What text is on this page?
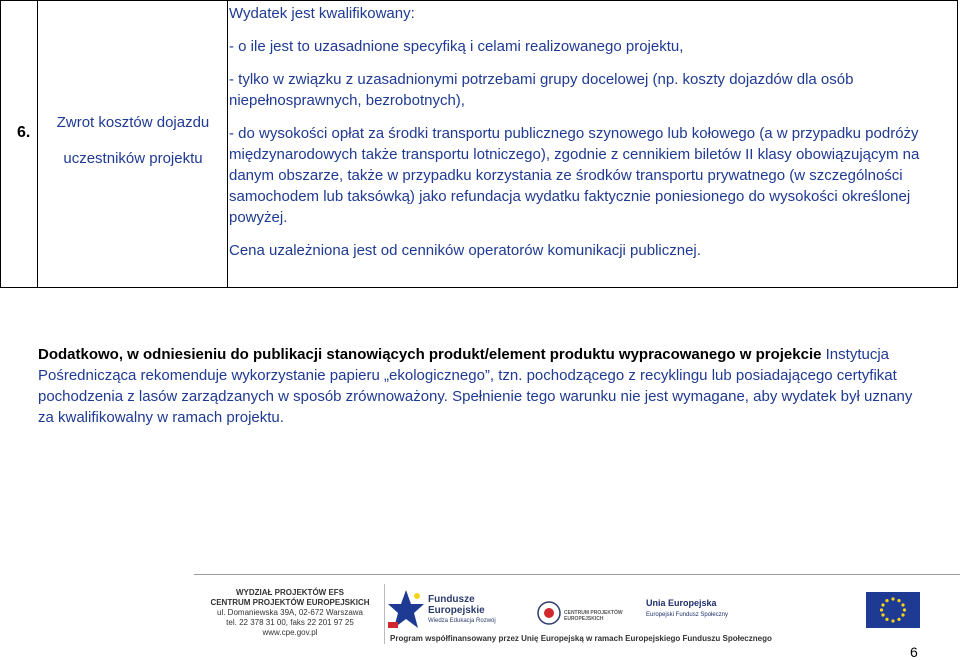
6.
Zwrot kosztów dojazdu
uczestników projektu

Wydatek jest kwalifikowany:

- o ile jest to uzasadnione specyfiką i celami realizowanego projektu,

- tylko w związku z uzasadnionymi potrzebami grupy docelowej (np. koszty dojazdów dla osób niepełnosprawnych, bezrobotnych),

- do wysokości opłat za środki transportu publicznego szynowego lub kołowego (a w przypadku podróży międzynarodowych także transportu lotniczego), zgodnie z cennikiem biletów II klasy obowiązującym na danym obszarze, także w przypadku korzystania ze środków transportu prywatnego (w szczególności samochodem lub taksówką) jako refundacja wydatku faktycznie poniesionego do wysokości określonej powyżej.

Cena uzależniona jest od cenników operatorów komunikacji publicznej.

Dodatkowo, w odniesieniu do publikacji stanowiących produkt/element produktu wypracowanego w projekcie Instytucja Pośrednicząca rekomenduje wykorzystanie papieru „ekologicznego”, tzn. pochodzącego z recyklingu lub posiadającego certyfikat pochodzenia z lasów zarządzanych w sposób zrównoważony. Spełnienie tego warunku nie jest wymagane, aby wydatek był uznany za kwalifikowalny w ramach projektu.
WYDZIAŁ PROJEKTÓW EFS
CENTRUM PROJEKTÓW EUROPEJSKICH
ul. Domaniewska 39A, 02-672 Warszawa
tel. 22 378 31 00, faks 22 201 97 25
www.cpe.gov.pl
Fundusze
Europejskie
Wiedza Edukacja Rozwój
CENTRUM PROJEKTÓW
EUROPEJSKICH
Unia Europejska
Europejski Fundusz Społeczny
Program współfinansowany przez Unię Europejską w ramach Europejskiego Funduszu Społecznego
6
